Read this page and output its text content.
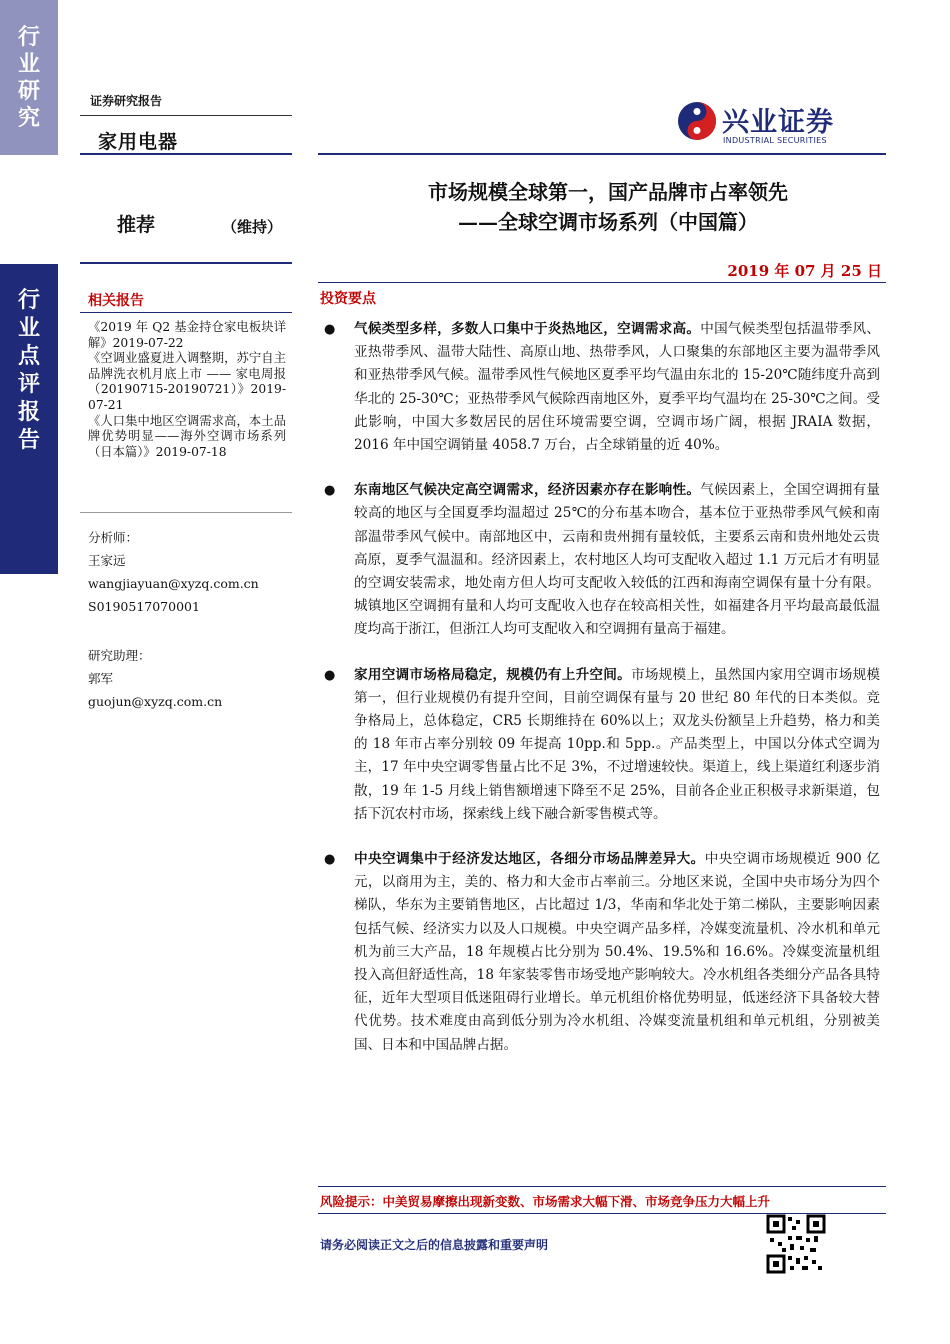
行
业
研
究
行
业
点
评
报
告
证券研究报告
家用电器
兴业证券
INDUSTRIAL SECURITIES
市场规模全球第一，国产品牌市占率领先
——全球空调市场系列（中国篇）
推荐	（维持）
2019 年 07 月 25 日
相关报告

《2019 年 Q2 基金持仓家电板块详解》2019-07-22

《空调业盛夏进入调整期，苏宁自主品牌洗衣机月底上市 —— 家电周报（20190715-20190721）》2019-07-21

《人口集中地区空调需求高，本土品牌优势明显——海外空调市场系列（日本篇）》2019-07-18

分析师：
王家远
wangjiayuan@xyzq.com.cn
S0190517070001
研究助理：
郭军
guojun@xyzq.com.cn
投资要点
● 气候类型多样，多数人口集中于炎热地区，空调需求高。中国气候类型包括温带季风、亚热带季风、温带大陆性、高原山地、热带季风，人口聚集的东部地区主要为温带季风和亚热带季风气候。温带季风性气候地区夏季平均气温由东北的 15-20℃随纬度升高到华北的 25-30℃；亚热带季风气候除西南地区外，夏季平均气温均在 25-30℃之间。受此影响，中国大多数居民的居住环境需要空调，空调市场广阔，根据 JRAIA 数据，2016 年中国空调销量 4058.7 万台，占全球销量的近 40%。
● 东南地区气候决定高空调需求，经济因素亦存在影响性。气候因素上，全国空调拥有量较高的地区与全国夏季均温超过 25℃的分布基本吻合，基本位于亚热带季风气候和南部温带季风气候中。南部地区中，云南和贵州拥有量较低，主要系云南和贵州地处云贵高原，夏季气温温和。经济因素上，农村地区人均可支配收入超过 1.1 万元后才有明显的空调安装需求，地处南方但人均可支配收入较低的江西和海南空调保有量十分有限。城镇地区空调拥有量和人均可支配收入也存在较高相关性，如福建各月平均最高最低温度均高于浙江，但浙江人均可支配收入和空调拥有量高于福建。
● 家用空调市场格局稳定，规模仍有上升空间。市场规模上，虽然国内家用空调市场规模第一，但行业规模仍有提升空间，目前空调保有量与 20 世纪 80 年代的日本类似。竞争格局上，总体稳定，CR5 长期维持在 60%以上；双龙头份额呈上升趋势，格力和美的 18 年市占率分别较 09 年提高 10pp.和 5pp.。产品类型上，中国以分体式空调为主，17 年中央空调零售量占比不足 3%，不过增速较快。渠道上，线上渠道红利逐步消散，19 年 1-5 月线上销售额增速下降至不足 25%，目前各企业正积极寻求新渠道，包括下沉农村市场，探索线上线下融合新零售模式等。
● 中央空调集中于经济发达地区，各细分市场品牌差异大。中央空调市场规模近 900 亿元，以商用为主，美的、格力和大金市占率前三。分地区来说，全国中央市场分为四个梯队，华东为主要销售地区，占比超过 1/3，华南和华北处于第二梯队，主要影响因素包括气候、经济实力以及人口规模。中央空调产品多样，冷媒变流量机、冷水机和单元机为前三大产品，18 年规模占比分别为 50.4%、19.5%和 16.6%。冷媒变流量机组投入高但舒适性高，18 年家装零售市场受地产影响较大。冷水机组各类细分产品各具特征，近年大型项目低迷阻碍行业增长。单元机组价格优势明显，低迷经济下具备较大替代优势。技术难度由高到低分别为冷水机组、冷媒变流量机组和单元机组，分别被美国、日本和中国品牌占据。
风险提示：中美贸易摩擦出现新变数、市场需求大幅下滑、市场竞争压力大幅上升
请务必阅读正文之后的信息披露和重要声明
